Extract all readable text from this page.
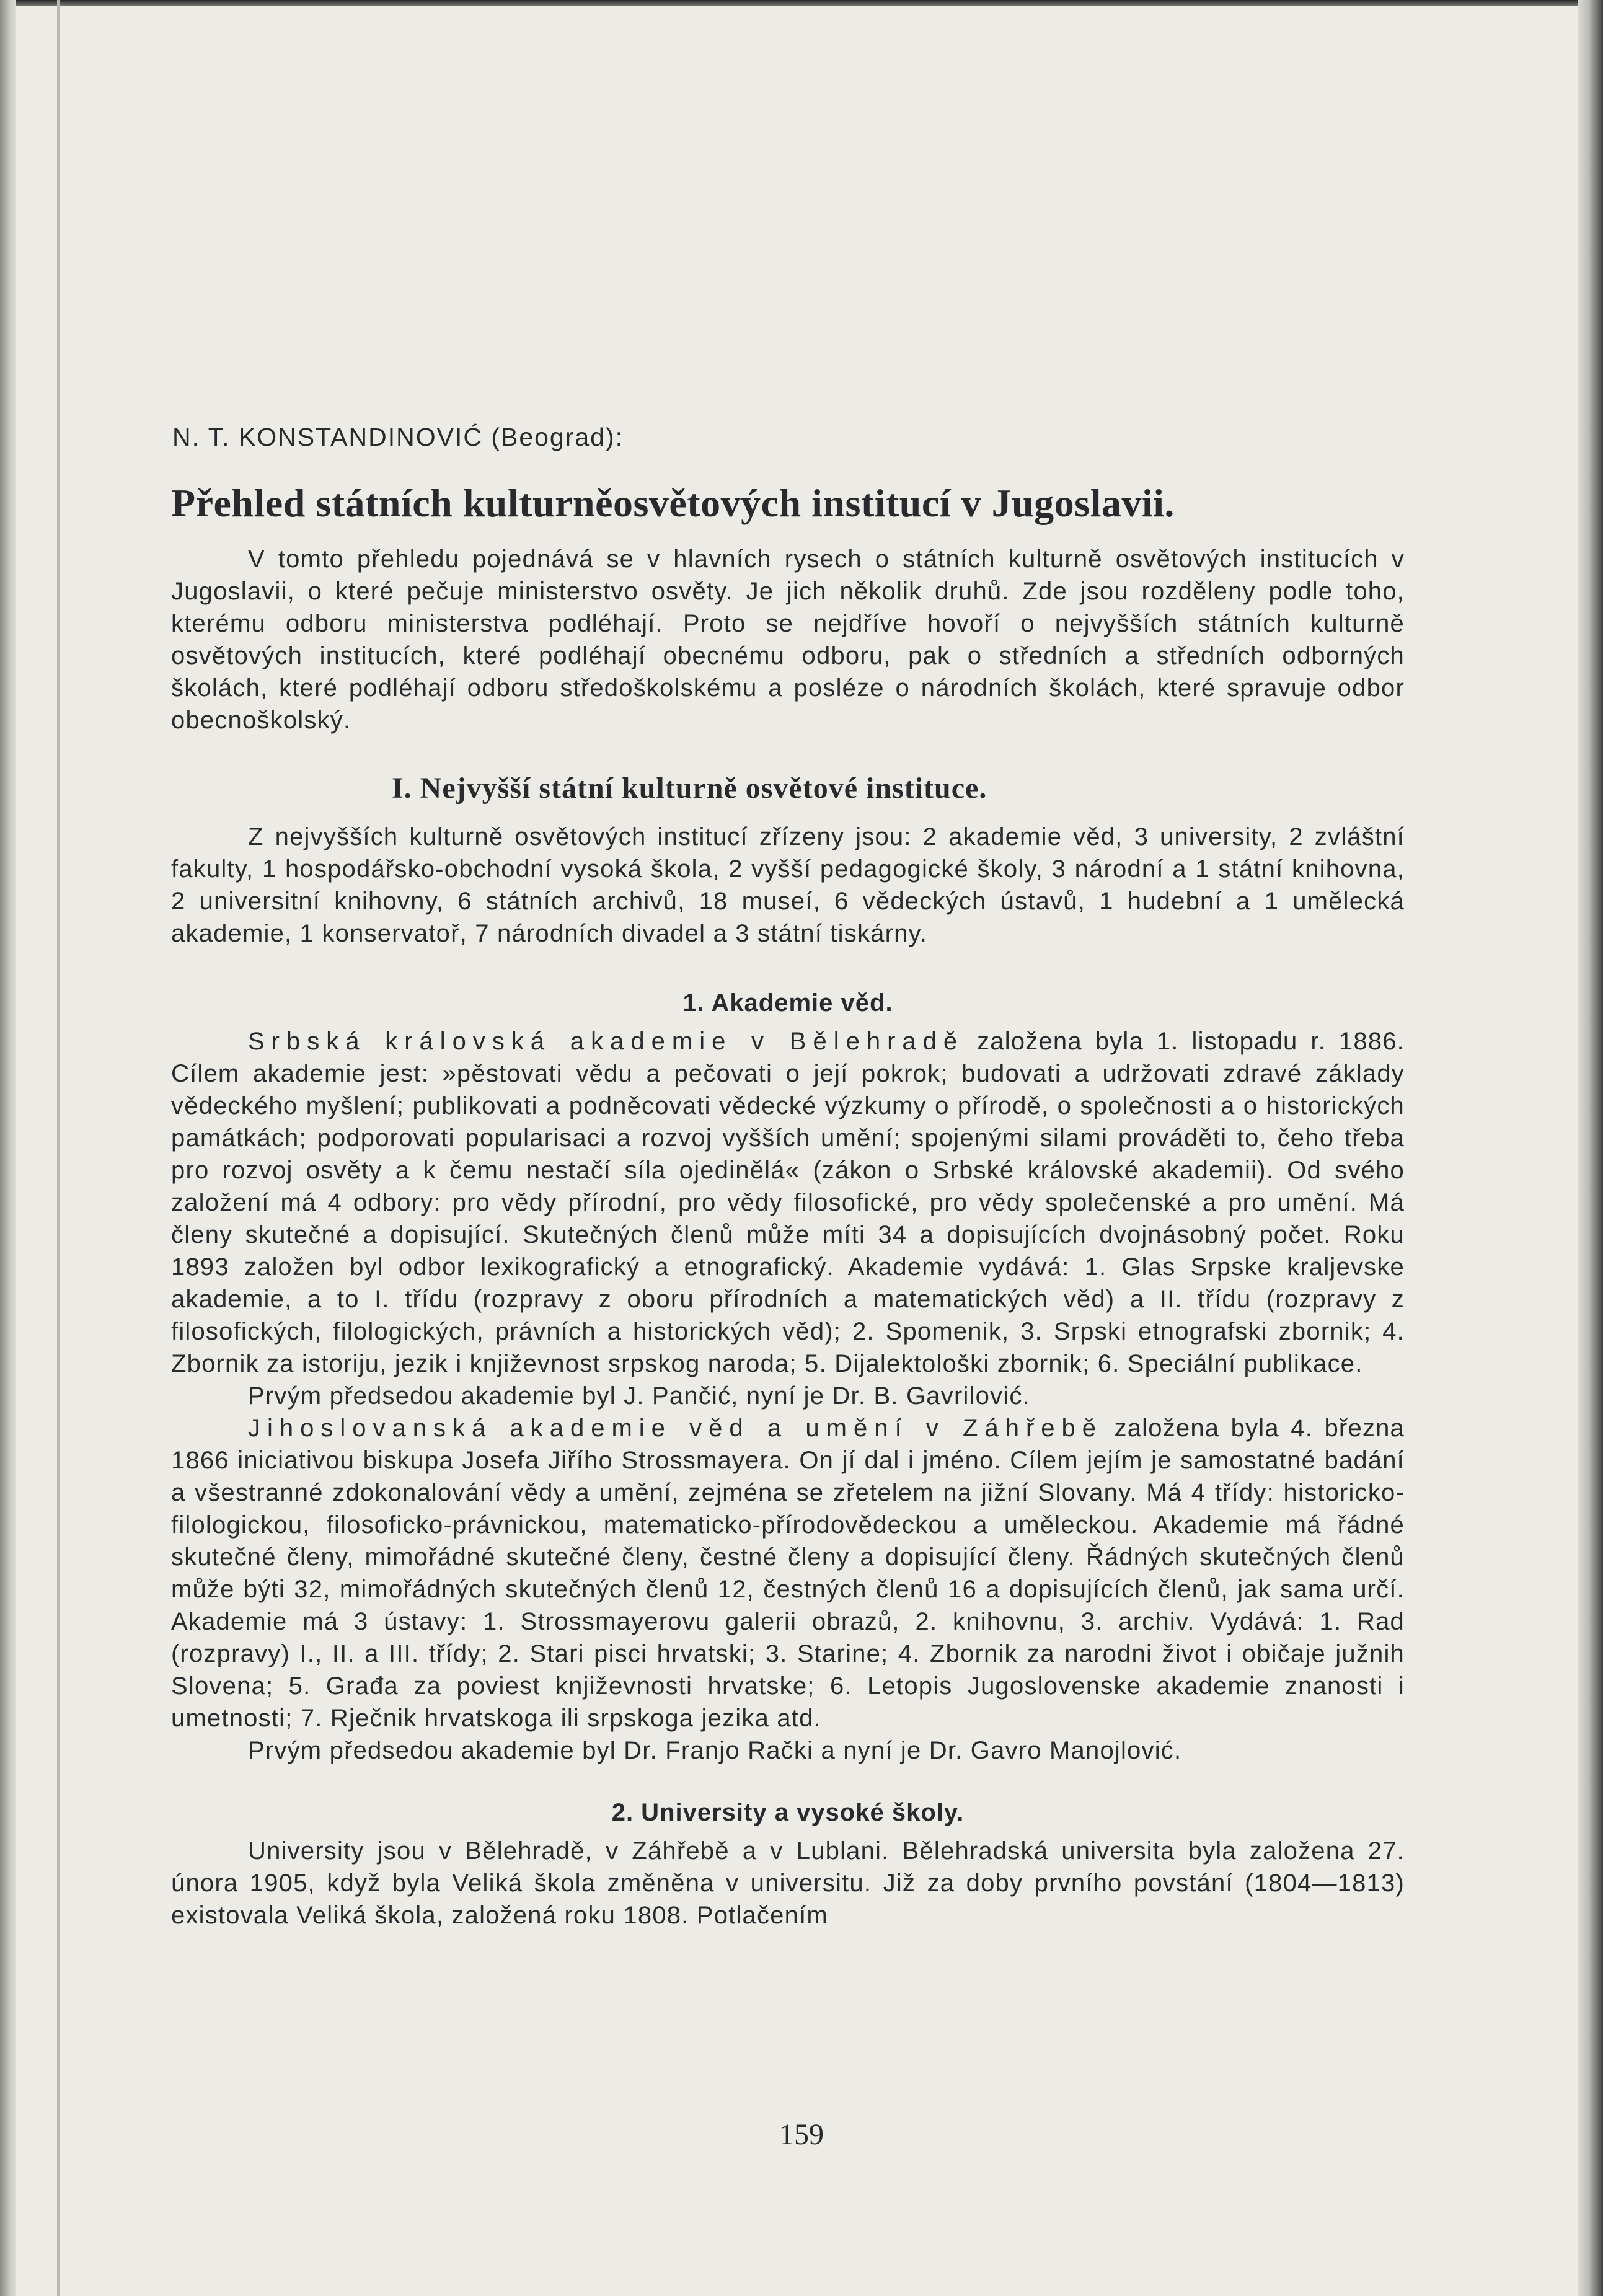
N. T. KONSTANDINOVIĆ (Beograd):
Přehled státních kulturněosvětových institucí v Jugoslavii.

V tomto přehledu pojednává se v hlavních rysech o státních kulturně osvětových institucích v Jugoslavii, o které pečuje ministerstvo osvěty. Je jich několik druhů. Zde jsou rozděleny podle toho, kterému odboru ministerstva podléhají. Proto se nejdříve hovoří o nejvyšších státních kulturně osvětových institucích, které podléhají obecnému odboru, pak o středních a středních odborných školách, které podléhají odboru středoškolskému a posléze o národních školách, které spravuje odbor obecnoškolský.

I. Nejvyšší státní kulturně osvětové instituce.

Z nejvyšších kulturně osvětových institucí zřízeny jsou: 2 akademie věd, 3 university, 2 zvláštní fakulty, 1 hospodářsko-obchodní vysoká škola, 2 vyšší pedagogické školy, 3 národní a 1 státní knihovna, 2 universitní knihovny, 6 státních archivů, 18 museí, 6 vědeckých ústavů, 1 hudební a 1 umělecká akademie, 1 konservatoř, 7 národních divadel a 3 státní tiskárny.

1. Akademie věd.

Srbská královská akademie v Bělehradě založena byla 1. listopadu r. 1886. Cílem akademie jest: »pěstovati vědu a pečovati o její pokrok; budovati a udržovati zdravé základy vědeckého myšlení; publikovati a podněcovati vědecké výzkumy o přírodě, o společnosti a o historických památkách; podporovati popularisaci a rozvoj vyšších umění; spojenými silami prováděti to, čeho třeba pro rozvoj osvěty a k čemu nestačí síla ojedinělá« (zákon o Srbské královské akademii). Od svého založení má 4 odbory: pro vědy přírodní, pro vědy filosofické, pro vědy společenské a pro umění. Má členy skutečné a dopisující. Skutečných členů může míti 34 a dopisujících dvojnásobný počet. Roku 1893 založen byl odbor lexikografický a etnografický. Akademie vydává: 1. Glas Srpske kraljevske akademie, a to I. třídu (rozpravy z oboru přírodních a matematických věd) a II. třídu (rozpravy z filosofických, filologických, právních a historických věd); 2. Spomenik, 3. Srpski etnografski zbornik; 4. Zbornik za istoriju, jezik i književnost srpskog naroda; 5. Dijalektološki zbornik; 6. Speciální publikace.

Prvým předsedou akademie byl J. Pančić, nyní je Dr. B. Gavrilović.

Jihoslovanská akademie věd a umění v Záhřebě založena byla 4. března 1866 iniciativou biskupa Josefa Jiřího Strossmayera. On jí dal i jméno. Cílem jejím je samostatné badání a všestranné zdokonalování vědy a umění, zejména se zřetelem na jižní Slovany. Má 4 třídy: historicko-filologickou, filosoficko-právnickou, matematicko-přírodovědeckou a uměleckou. Akademie má řádné skutečné členy, mimořádné skutečné členy, čestné členy a dopisující členy. Řádných skutečných členů může býti 32, mimořádných skutečných členů 12, čestných členů 16 a dopisujících členů, jak sama určí. Akademie má 3 ústavy: 1. Strossmayerovu galerii obrazů, 2. knihovnu, 3. archiv. Vydává: 1. Rad (rozpravy) I., II. a III. třídy; 2. Stari pisci hrvatski; 3. Starine; 4. Zbornik za narodni život i običaje južnih Slovena; 5. Građa za poviest književnosti hrvatske; 6. Letopis Jugoslovenske akademie znanosti i umetnosti; 7. Rječnik hrvatskoga ili srpskoga jezika atd.

Prvým předsedou akademie byl Dr. Franjo Rački a nyní je Dr. Gavro Manojlović.

2. University a vysoké školy.

University jsou v Bělehradě, v Záhřebě a v Lublani. Bělehradská universita byla založena 27. února 1905, když byla Veliká škola změněna v universitu. Již za doby prvního povstání (1804—1813) existovala Veliká škola, založená roku 1808. Potlačením

159
